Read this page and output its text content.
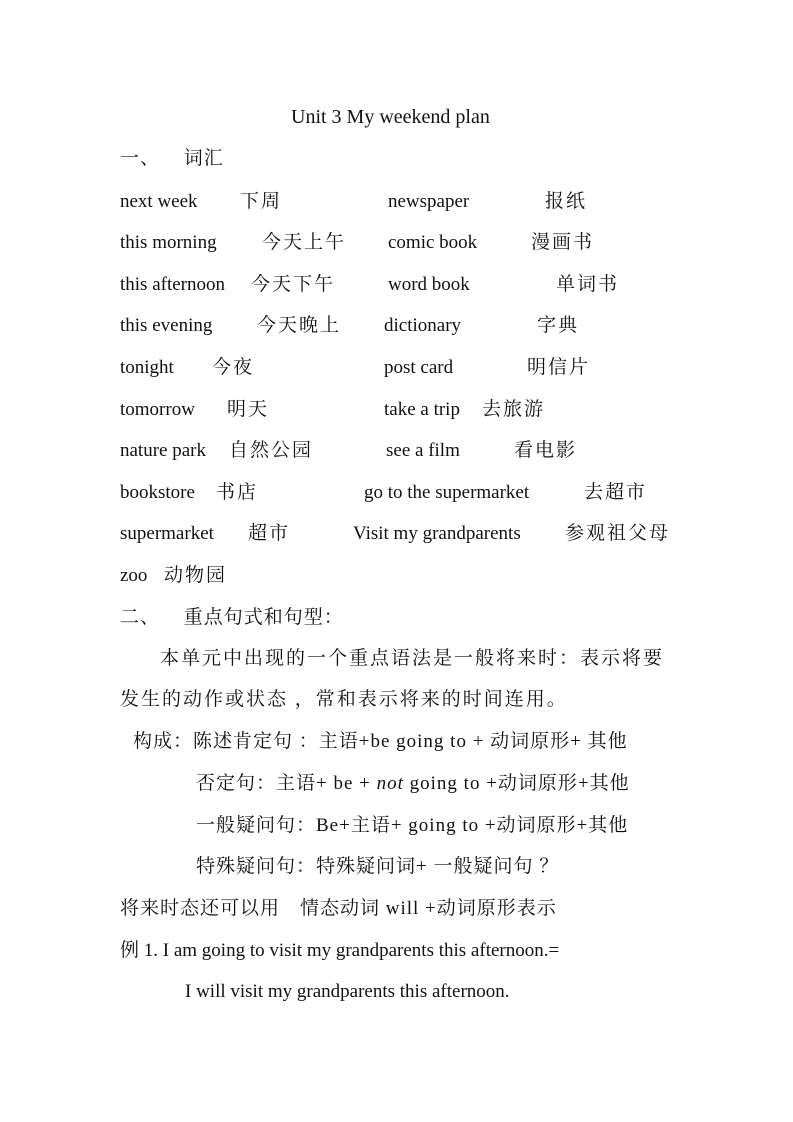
Unit 3 My weekend plan
一、 词汇
next week 下周	newspaper	报纸
this morning 今天上午 comic book	漫画书
this afternoon 今天下午	word book	单词书
this evening 今天晚上 dictionary	字典
tonight 今夜	post card	明信片
tomorrow 明天	take a trip 去旅游
nature park 自然公园	see a film	看电影
bookstore 书店	go to the supermarket	去超市
supermarket 超市	Visit my grandparents 参观祖父母
zoo 动物园
二、 重点句式和句型：
本单元中出现的一个重点语法是一般将来时：表示将要
发生的动作或状态 ，常和表示将来的时间连用。
构成：陈述肯定句 ：主语+be going to + 动词原形+ 其他
否定句：主语+ be + not going to +动词原形+其他
一般疑问句：Be+主语+ going to +动词原形+其他
特殊疑问句：特殊疑问词+ 一般疑问句 ？
将来时态还可以用　情态动词 will +动词原形表示
例 1. I am going to visit my grandparents this afternoon.=
I will visit my grandparents this afternoon.
